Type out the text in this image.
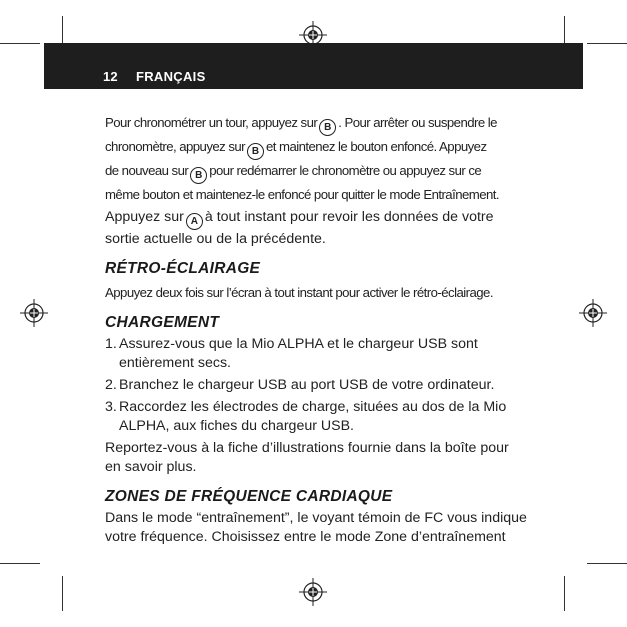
12 FRANÇAIS

Pour chronométrer un tour, appuyez sur B . Pour arrêter ou suspendre le

chronomètre, appuyez sur B et maintenez le bouton enfoncé. Appuyez

de nouveau sur B pour redémarrer le chronomètre ou appuyez sur ce

même bouton et maintenez-le enfoncé pour quitter le mode Entraînement.

Appuyez sur A à tout instant pour revoir les données de votre

sortie actuelle ou de la précédente.

RÉTRO-ÉCLAIRAGE

Appuyez deux fois sur l’écran à tout instant pour activer le rétro-éclairage.

CHARGEMENT
1. Assurez-vous que la Mio ALPHA et le chargeur USB sont

entièrement secs.

2. Branchez le chargeur USB au port USB de votre ordinateur.

3. Raccordez les électrodes de charge, situées au dos de la Mio

ALPHA, aux fiches du chargeur USB.

Reportez-vous à la fiche d’illustrations fournie dans la boîte pour

en savoir plus.

ZONES DE FRÉQUENCE CARDIAQUE

Dans le mode “entraînement”, le voyant témoin de FC vous indique

votre fréquence. Choisissez entre le mode Zone d’entraînement
